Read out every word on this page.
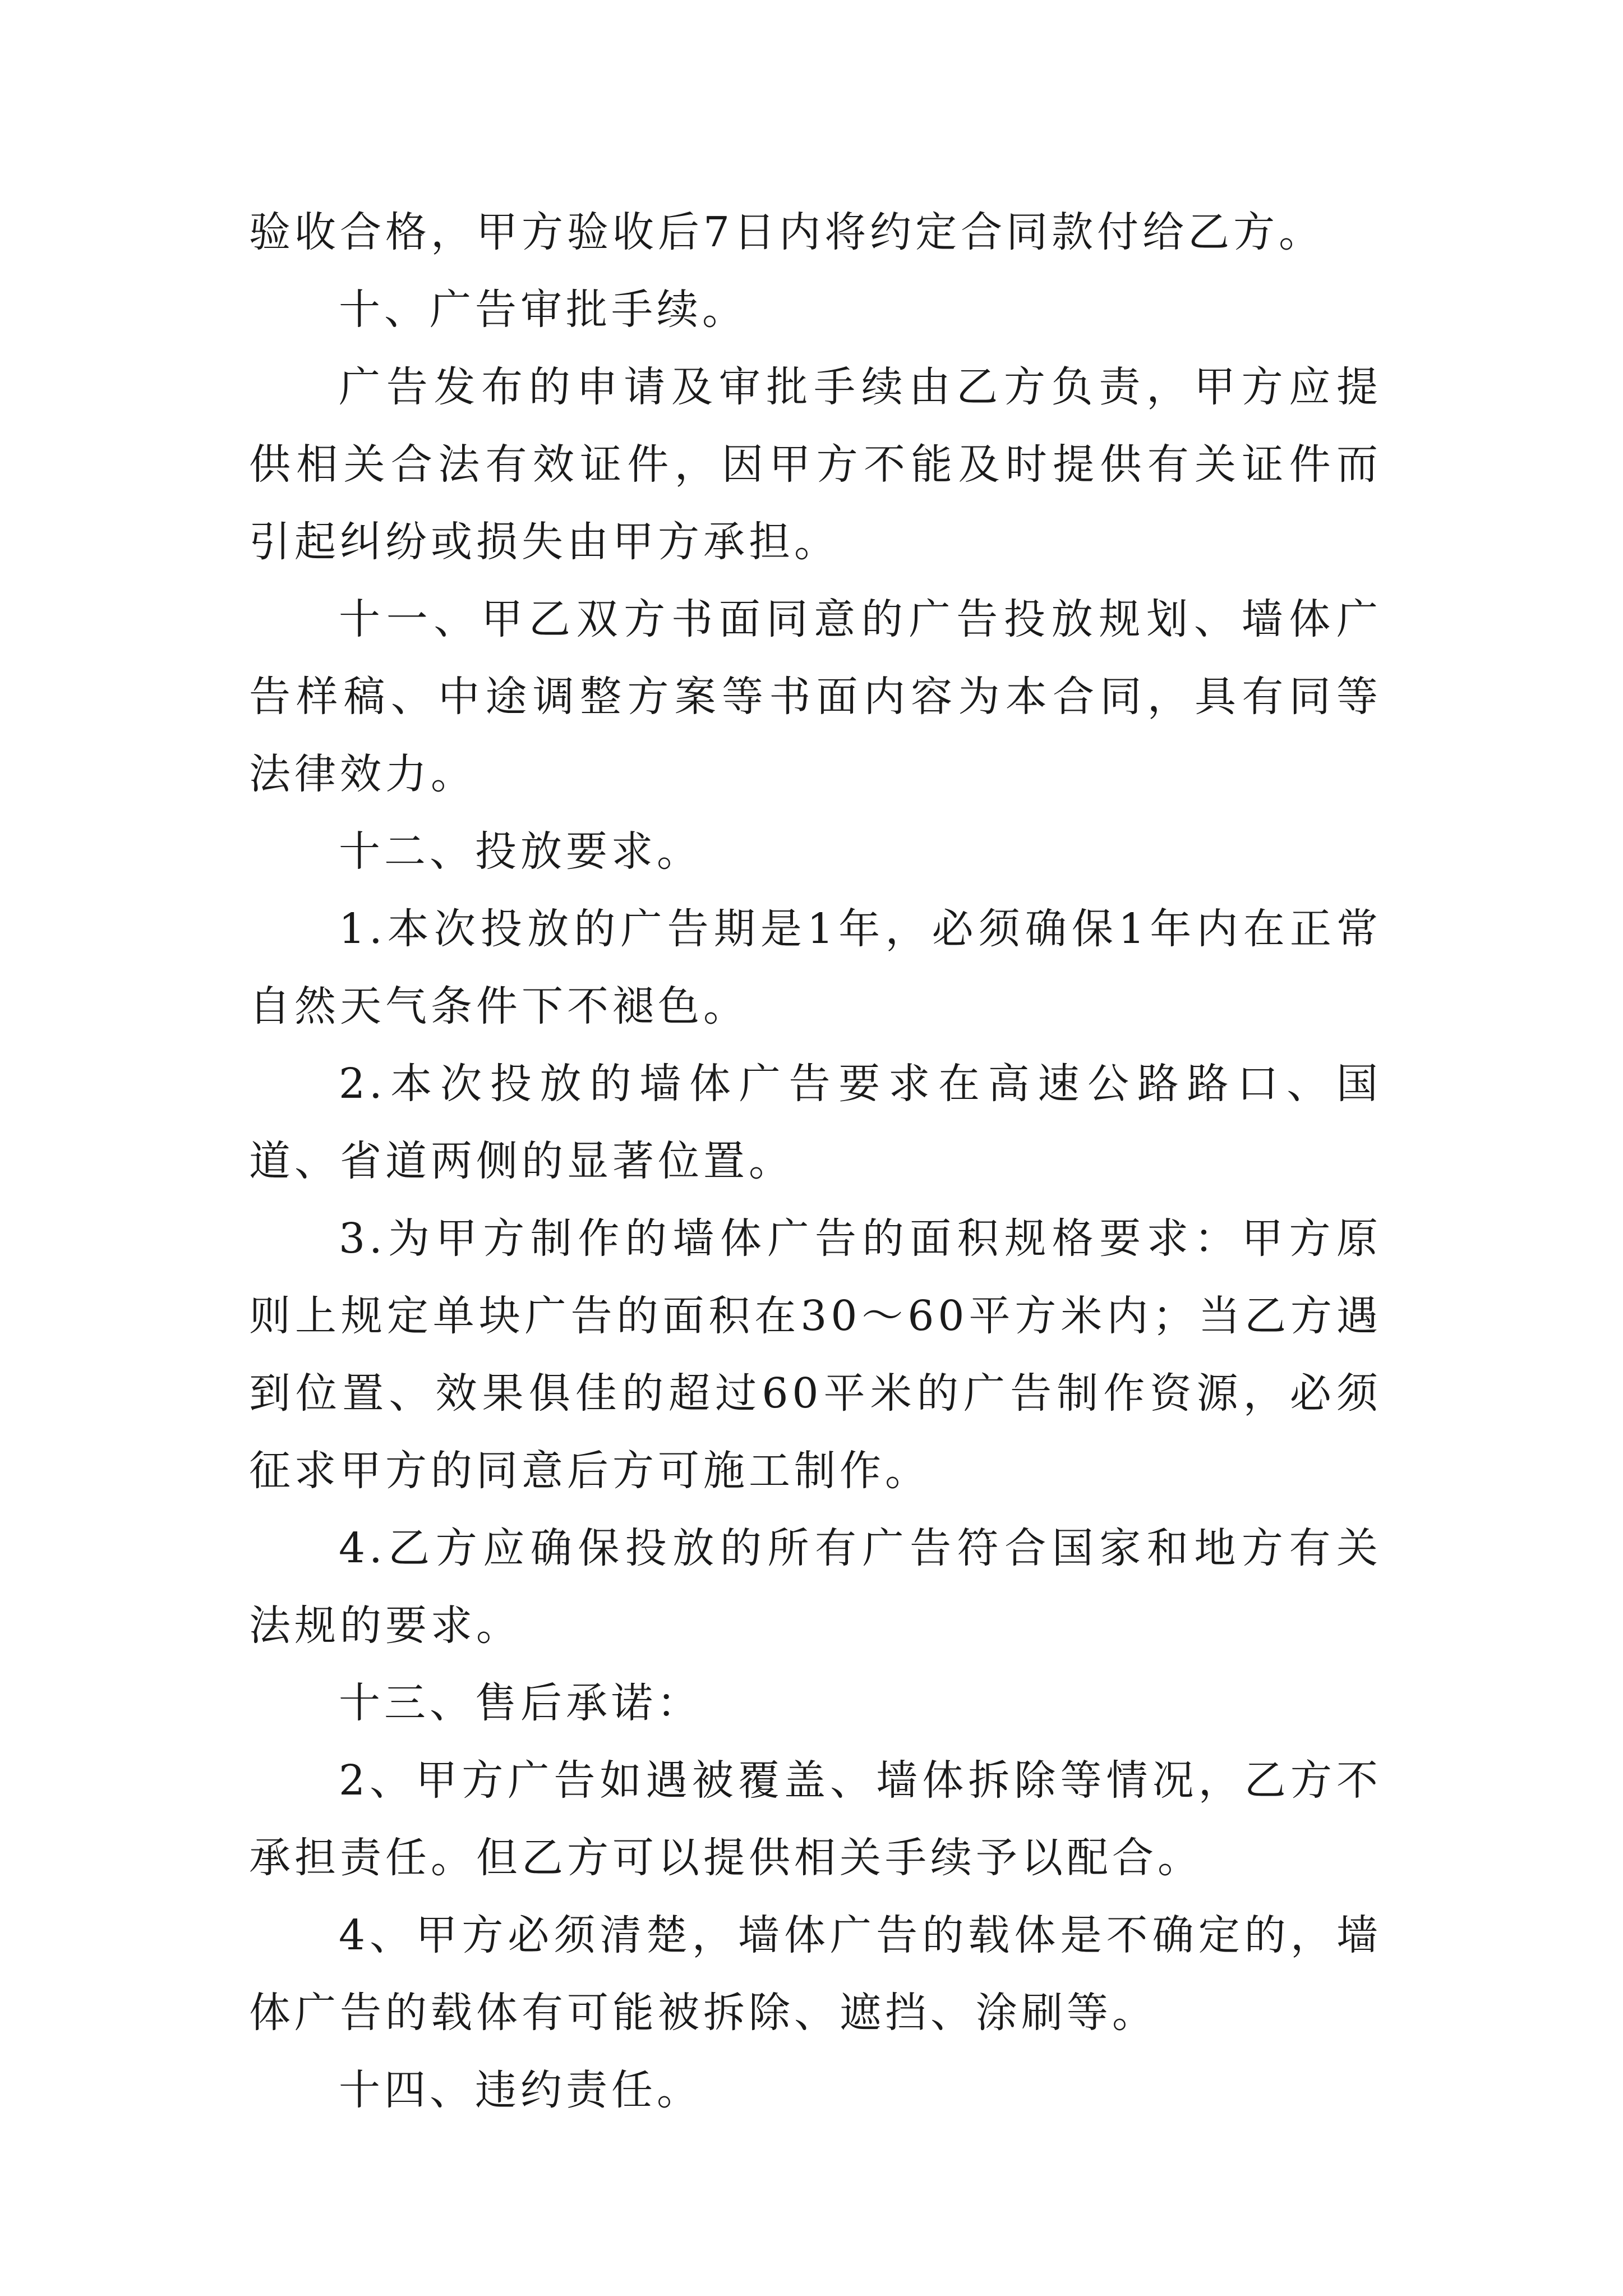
验收合格，甲方验收后7日内将约定合同款付给乙方。

十、广告审批手续。

广告发布的申请及审批手续由乙方负责，甲方应提供相关合法有效证件，因甲方不能及时提供有关证件而引起纠纷或损失由甲方承担。

十一、甲乙双方书面同意的广告投放规划、墙体广告样稿、中途调整方案等书面内容为本合同，具有同等法律效力。

十二、投放要求。

1.本次投放的广告期是1年，必须确保1年内在正常自然天气条件下不褪色。

2.本次投放的墙体广告要求在高速公路路口、国道、省道两侧的显著位置。

3.为甲方制作的墙体广告的面积规格要求：甲方原则上规定单块广告的面积在30～60平方米内；当乙方遇到位置、效果俱佳的超过60平米的广告制作资源，必须征求甲方的同意后方可施工制作。

4.乙方应确保投放的所有广告符合国家和地方有关法规的要求。

十三、售后承诺：

2、甲方广告如遇被覆盖、墙体拆除等情况，乙方不承担责任。但乙方可以提供相关手续予以配合。

4、甲方必须清楚，墙体广告的载体是不确定的，墙体广告的载体有可能被拆除、遮挡、涂刷等。

十四、违约责任。
